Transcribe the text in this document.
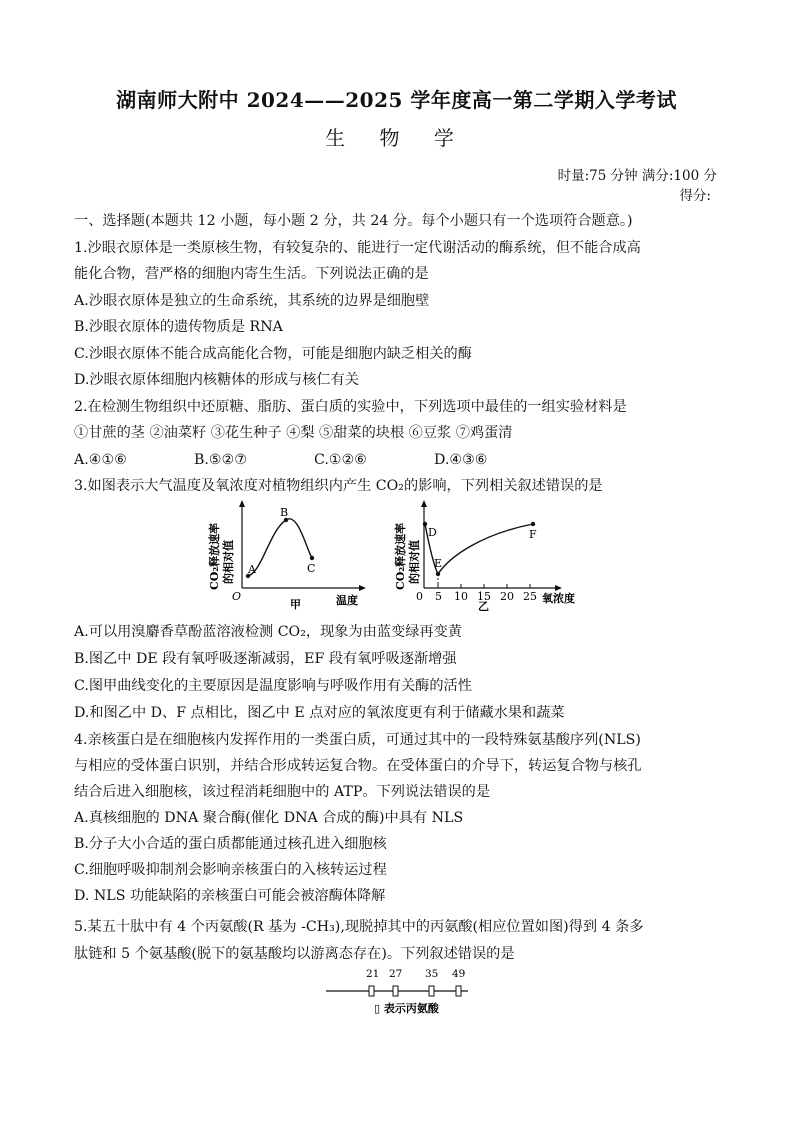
湖南师大附中 2024——2025 学年度高一第二学期入学考试
生 物 学
时量:75 分钟 满分:100 分
得分:
一、选择题(本题共 12 小题，每小题 2 分，共 24 分。每个小题只有一个选项符合题意。)
1.沙眼衣原体是一类原核生物，有较复杂的、能进行一定代谢活动的酶系统，但不能合成高
能化合物，营严格的细胞内寄生生活。下列说法正确的是
A.沙眼衣原体是独立的生命系统，其系统的边界是细胞壁
B.沙眼衣原体的遗传物质是 RNA
C.沙眼衣原体不能合成高能化合物，可能是细胞内缺乏相关的酶
D.沙眼衣原体细胞内核糖体的形成与核仁有关
2.在检测生物组织中还原糖、脂肪、蛋白质的实验中，下列选项中最佳的一组实验材料是
①甘蔗的茎 ②油菜籽 ③花生种子 ④梨 ⑤甜菜的块根 ⑥豆浆 ⑦鸡蛋清
A.④①⑥	B.⑤②⑦	C.①②⑥	D.④③⑥
3.如图表示大气温度及氧浓度对植物组织内产生 CO₂的影响，下列相关叙述错误的是
CO₂释放速率 的相对值 A
B
C
O
甲	温度
CO₂释放速率 的相对值
0 5 10 15 20 25 氧浓度
乙
D
E
F
A.可以用溴麝香草酚蓝溶液检测 CO₂，现象为由蓝变绿再变黄
B.图乙中 DE 段有氧呼吸逐渐减弱，EF 段有氧呼吸逐渐增强
C.图甲曲线变化的主要原因是温度影响与呼吸作用有关酶的活性
D.和图乙中 D、F 点相比，图乙中 E 点对应的氧浓度更有利于储藏水果和蔬菜
4.亲核蛋白是在细胞核内发挥作用的一类蛋白质，可通过其中的一段特殊氨基酸序列(NLS)
与相应的受体蛋白识别，并结合形成转运复合物。在受体蛋白的介导下，转运复合物与核孔
结合后进入细胞核，该过程消耗细胞中的 ATP。下列说法错误的是
A.真核细胞的 DNA 聚合酶(催化 DNA 合成的酶)中具有 NLS
B.分子大小合适的蛋白质都能通过核孔进入细胞核
C.细胞呼吸抑制剂会影响亲核蛋白的入核转运过程
D. NLS 功能缺陷的亲核蛋白可能会被溶酶体降解
5.某五十肽中有 4 个丙氨酸(R 基为 -CH₃),现脱掉其中的丙氨酸(相应位置如图)得到 4 条多
肽链和 5 个氨基酸(脱下的氨基酸均以游离态存在)。下列叙述错误的是
21 27 35 49
▯ 表示丙氨酸
